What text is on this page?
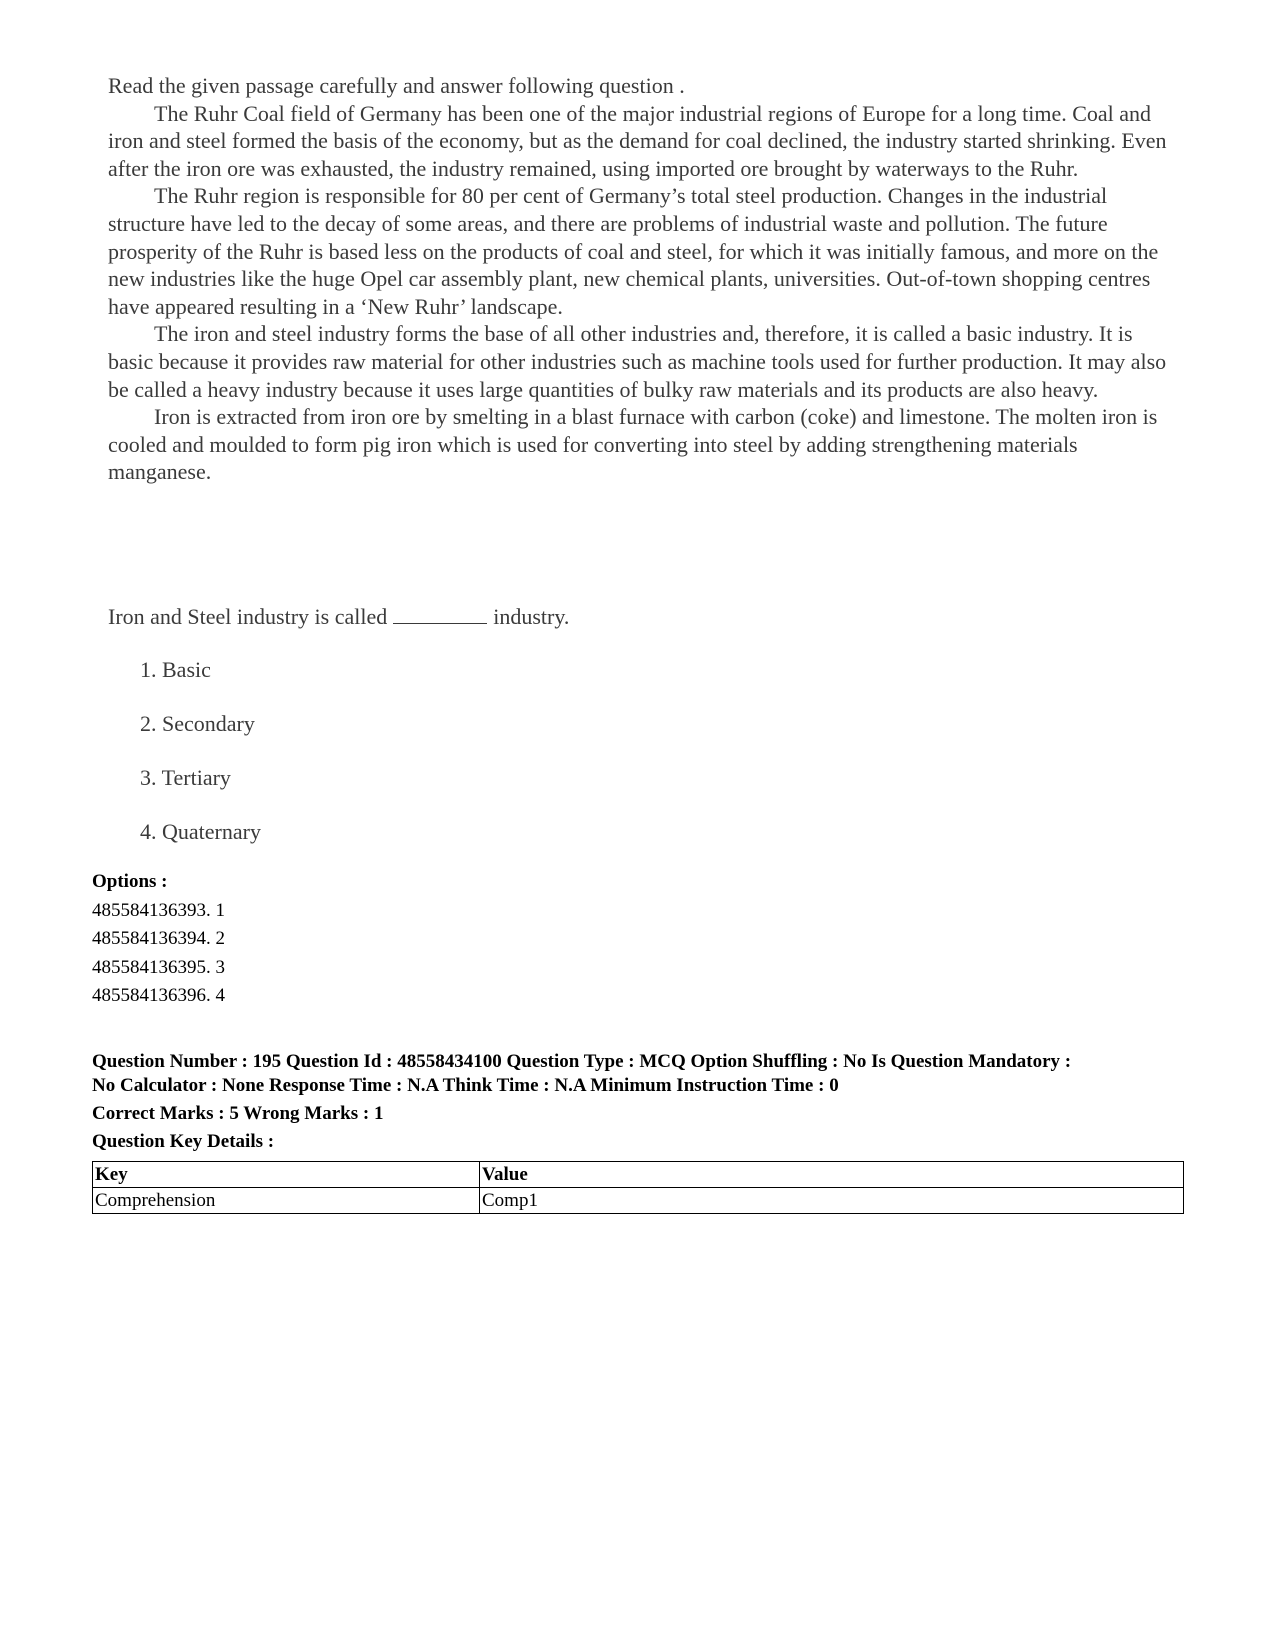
Read the given passage carefully and answer following question .

The Ruhr Coal field of Germany has been one of the major industrial regions of Europe for a long time. Coal and iron and steel formed the basis of the economy, but as the demand for coal declined, the industry started shrinking. Even after the iron ore was exhausted, the industry remained, using imported ore brought by waterways to the Ruhr.

The Ruhr region is responsible for 80 per cent of Germany’s total steel production. Changes in the industrial structure have led to the decay of some areas, and there are problems of industrial waste and pollution. The future prosperity of the Ruhr is based less on the products of coal and steel, for which it was initially famous, and more on the new industries like the huge Opel car assembly plant, new chemical plants, universities. Out-of-town shopping centres have appeared resulting in a ‘New Ruhr’ landscape.

The iron and steel industry forms the base of all other industries and, therefore, it is called a basic industry. It is basic because it provides raw material for other industries such as machine tools used for further production. It may also be called a heavy industry because it uses large quantities of bulky raw materials and its products are also heavy.

Iron is extracted from iron ore by smelting in a blast furnace with carbon (coke) and limestone. The molten iron is cooled and moulded to form pig iron which is used for converting into steel by adding strengthening materials manganese.

Iron and Steel industry is called	industry.
1. Basic
2. Secondary
3. Tertiary
4. Quaternary
Options :
485584136393. 1
485584136394. 2
485584136395. 3
485584136396. 4
Question Number : 195 Question Id : 48558434100 Question Type : MCQ Option Shuffling : No Is Question Mandatory :
No Calculator : None Response Time : N.A Think Time : N.A Minimum Instruction Time : 0
Correct Marks : 5 Wrong Marks : 1
Question Key Details :
Key	Value
Comprehension	Comp1
